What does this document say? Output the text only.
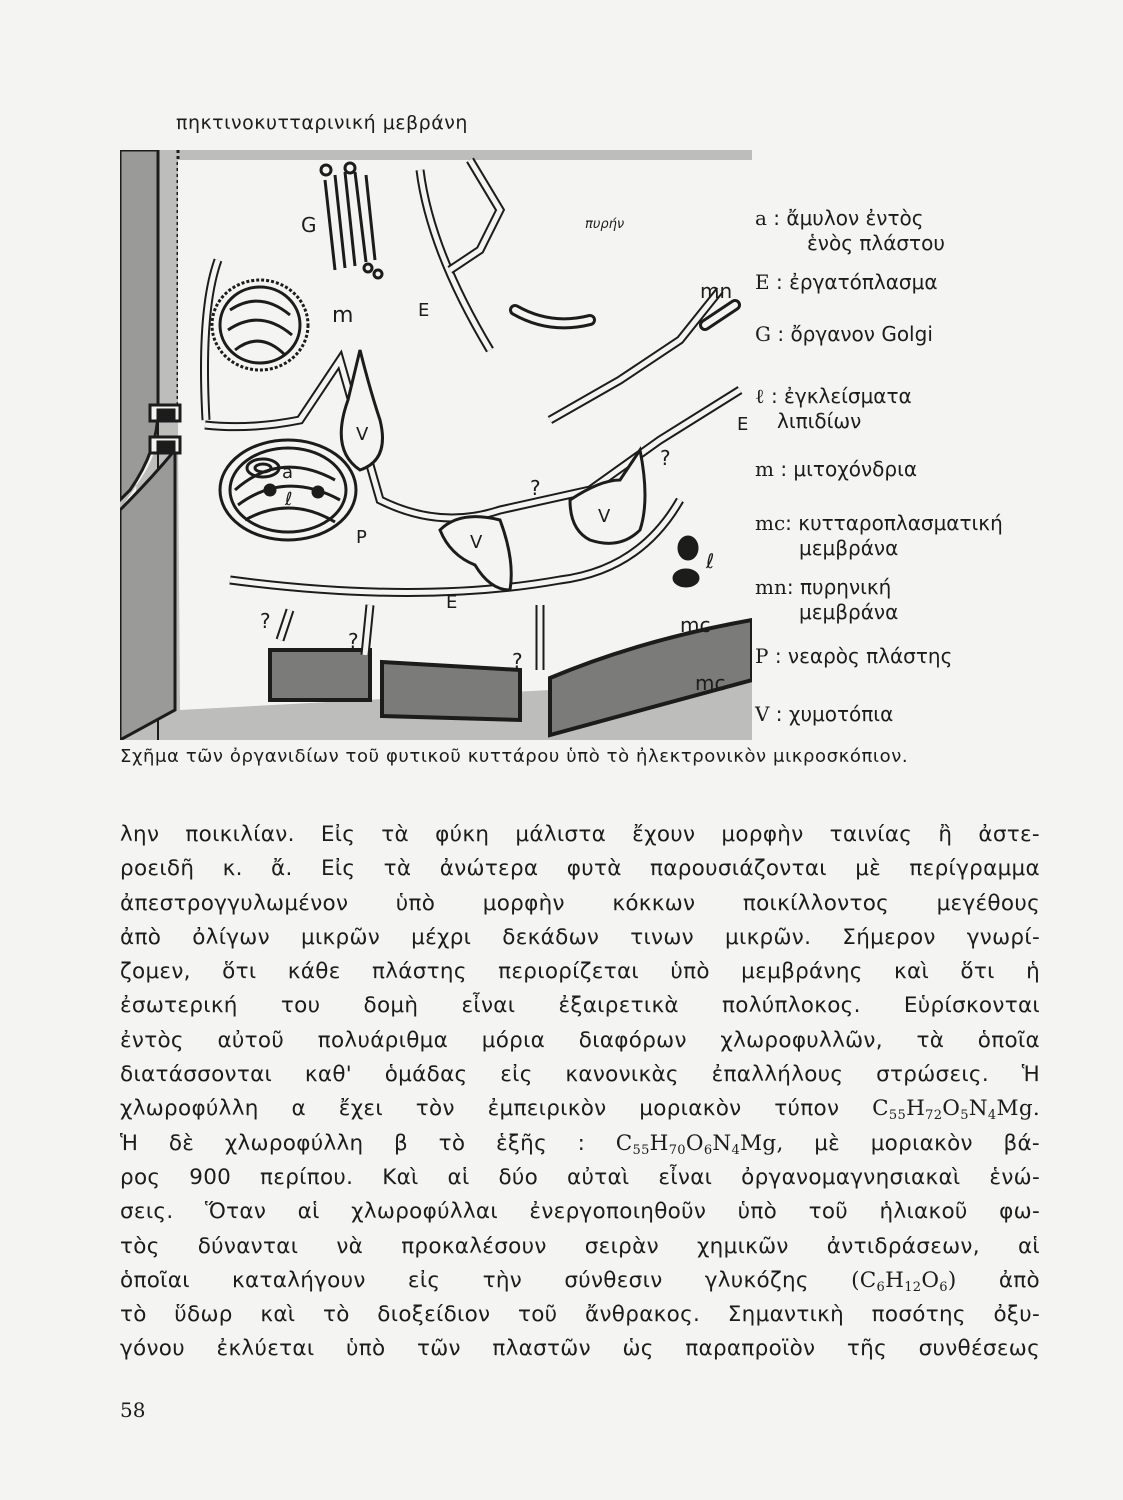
πηκτινοκυτταρινική μεβράνη
G
m	E
πυρήν
mn
V
V
V
E
E
a
ℓ
P
ℓ
mc
mc
?
?
?
?
?
a : ἄμυλον ἐντὸς
ἑνὸς πλάστου
E : ἐργατόπλασμα
G : ὄργανον Golgi
ℓ : ἐγκλείσματα
λιπιδίων
m : μιτοχόνδρια
mc: κυτταροπλασματική
μεμβράνα
mn: πυρηνική
μεμβράνα
P : νεαρὸς πλάστης
V : χυμοτόπια
Σχῆμα τῶν ὀργανιδίων τοῦ φυτικοῦ κυττάρου ὑπὸ τὸ ἠλεκτρονικὸν μικροσκόπιον.
λην ποικιλίαν. Εἰς τὰ φύκη μάλιστα ἔχουν μορφὴν ταινίας ἢ ἀστε-
ροειδῆ κ. ἄ. Εἰς τὰ ἀνώτερα φυτὰ παρουσιάζονται μὲ περίγραμμα
ἀπεστρογγυλωμένον ὑπὸ μορφὴν κόκκων ποικίλλοντος μεγέθους
ἀπὸ ὀλίγων μικρῶν μέχρι δεκάδων τινων μικρῶν. Σήμερον γνωρί-
ζομεν, ὅτι κάθε πλάστης περιορίζεται ὑπὸ μεμβράνης καὶ ὅτι ἡ
ἐσωτερική του δομὴ εἶναι ἐξαιρετικὰ πολύπλοκος. Εὑρίσκονται
ἐντὸς αὐτοῦ πολυάριθμα μόρια διαφόρων χλωροφυλλῶν, τὰ ὁποῖα
διατάσσονται καθ' ὁμάδας εἰς κανονικὰς ἐπαλλήλους στρώσεις. Ἡ
χλωροφύλλη α ἔχει τὸν ἐμπειρικὸν μοριακὸν τύπον $C_{55}H_{72}O_5N_4Mg$.
Ἡ δὲ χλωροφύλλη β τὸ ἑξῆς : $C_{55}H_{70}O_6N_4Mg$, μὲ μοριακὸν βά-
ρος 900 περίπου. Καὶ αἱ δύο αὐταὶ εἶναι ὀργανομαγνησιακαὶ ἑνώ-
σεις. Ὅταν αἱ χλωροφύλλαι ἐνεργοποιηθοῦν ὑπὸ τοῦ ἡλιακοῦ φω-
τὸς δύνανται νὰ προκαλέσουν σειρὰν χημικῶν ἀντιδράσεων, αἱ
ὁποῖαι καταλήγουν εἰς τὴν σύνθεσιν γλυκόζης $(C_6H_{12}O_6)$ ἀπὸ
τὸ ὕδωρ καὶ τὸ διοξείδιον τοῦ ἄνθρακος. Σημαντικὴ ποσότης ὀξυ-
γόνου ἐκλύεται ὑπὸ τῶν πλαστῶν ὡς παραπροϊὸν τῆς συνθέσεως
58
